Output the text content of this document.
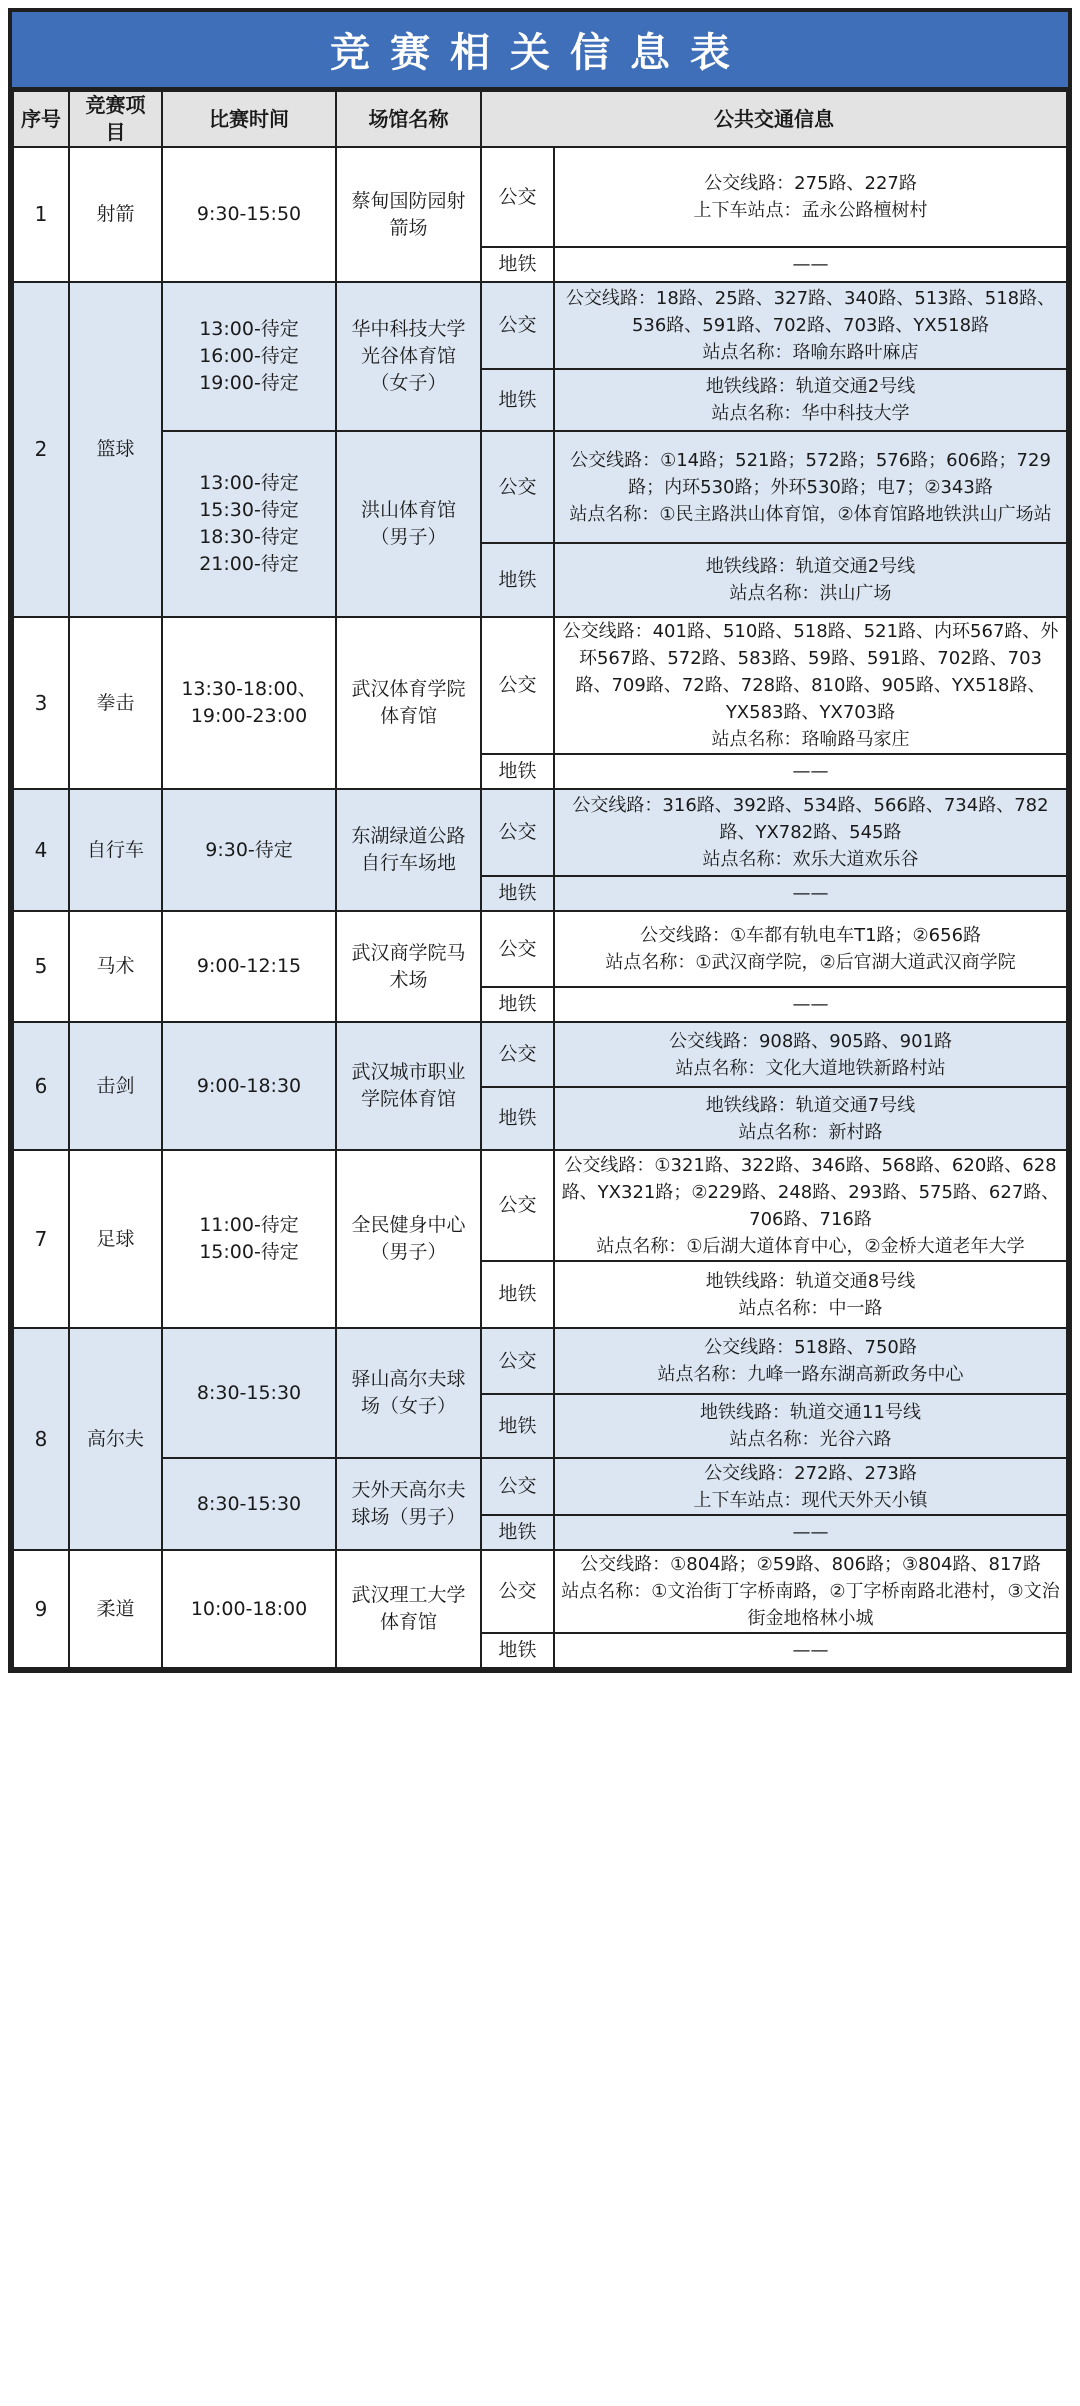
竞赛相关信息表
序号	竞赛项目	比赛时间	场馆名称	公共交通信息	
1	射箭	9:30-15:50	蔡甸国防园射箭场	公交	公交线路：275路、227路
上下车站点：孟永公路檀树村
				地铁	——
2	篮球	13:00-待定
16:00-待定
19:00-待定	华中科技大学光谷体育馆（女子）	公交	公交线路：18路、25路、327路、340路、513路、518路、536路、591路、702路、703路、YX518路
站点名称：珞喻东路叶麻店
				地铁	地铁线路：轨道交通2号线
站点名称：华中科技大学
		13:00-待定
15:30-待定
18:30-待定
21:00-待定	洪山体育馆（男子）	公交	公交线路：①14路；521路；572路；576路；606路；729路；内环530路；外环530路；电7；②343路
站点名称：①民主路洪山体育馆，②体育馆路地铁洪山广场站
				地铁	地铁线路：轨道交通2号线
站点名称：洪山广场
3	拳击	13:30-18:00、
19:00-23:00	武汉体育学院体育馆	公交	公交线路：401路、510路、518路、521路、内环567路、外环567路、572路、583路、59路、591路、702路、703路、709路、72路、728路、810路、905路、YX518路、YX583路、YX703路
站点名称：珞喻路马家庄
				地铁	——
4	自行车	9:30-待定	东湖绿道公路自行车场地	公交	公交线路：316路、392路、534路、566路、734路、782路、YX782路、545路
站点名称：欢乐大道欢乐谷
				地铁	——
5	马术	9:00-12:15	武汉商学院马术场	公交	公交线路：①车都有轨电车T1路；②656路
站点名称：①武汉商学院，②后官湖大道武汉商学院
				地铁	——
6	击剑	9:00-18:30	武汉城市职业学院体育馆	公交	公交线路：908路、905路、901路
站点名称：文化大道地铁新路村站
				地铁	地铁线路：轨道交通7号线
站点名称：新村路
7	足球	11:00-待定
15:00-待定	全民健身中心（男子）	公交	公交线路：①321路、322路、346路、568路、620路、628路、YX321路；②229路、248路、293路、575路、627路、706路、716路
站点名称：①后湖大道体育中心，②金桥大道老年大学
				地铁	地铁线路：轨道交通8号线
站点名称：中一路
8	高尔夫	8:30-15:30	驿山高尔夫球场（女子）	公交	公交线路：518路、750路
站点名称：九峰一路东湖高新政务中心
				地铁	地铁线路：轨道交通11号线
站点名称：光谷六路
		8:30-15:30	天外天高尔夫球场（男子）	公交	公交线路：272路、273路
上下车站点：现代天外天小镇
				地铁	——
9	柔道	10:00-18:00	武汉理工大学体育馆	公交	公交线路：①804路；②59路、806路；③804路、817路
站点名称：①文治街丁字桥南路，②丁字桥南路北港村，③文治街金地格林小城
				地铁	——
